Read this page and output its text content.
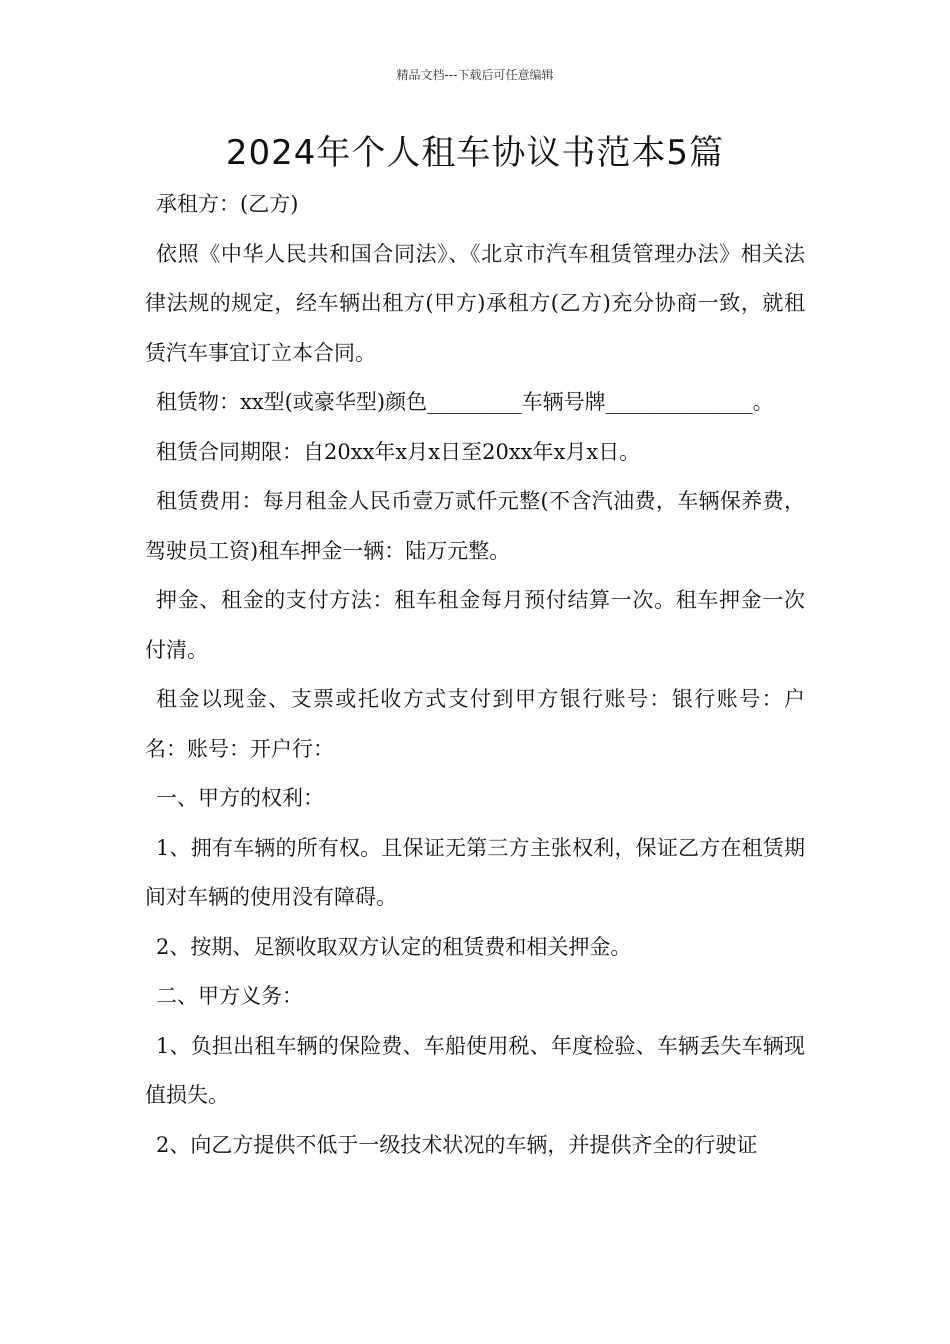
精品文档---下载后可任意编辑
2024年个人租车协议书范本5篇

承租方：(乙方)

依照《中华人民共和国合同法》、《北京市汽车租赁管理办法》相关法律法规的规定，经车辆出租方(甲方)承租方(乙方)充分协商一致，就租赁汽车事宜订立本合同。

租赁物：xx型(或豪华型)颜色_________车辆号牌______________。

租赁合同期限：自20xx年x月x日至20xx年x月x日。

租赁费用：每月租金人民币壹万贰仟元整(不含汽油费，车辆保养费，驾驶员工资)租车押金一辆：陆万元整。

押金、租金的支付方法：租车租金每月预付结算一次。租车押金一次付清。

租金以现金、支票或托收方式支付到甲方银行账号：银行账号：户名：账号：开户行：

一、甲方的权利：

1、拥有车辆的所有权。且保证无第三方主张权利，保证乙方在租赁期间对车辆的使用没有障碍。

2、按期、足额收取双方认定的租赁费和相关押金。

二、甲方义务：

1、负担出租车辆的保险费、车船使用税、年度检验、车辆丢失车辆现值损失。

2、向乙方提供不低于一级技术状况的车辆，并提供齐全的行驶证
